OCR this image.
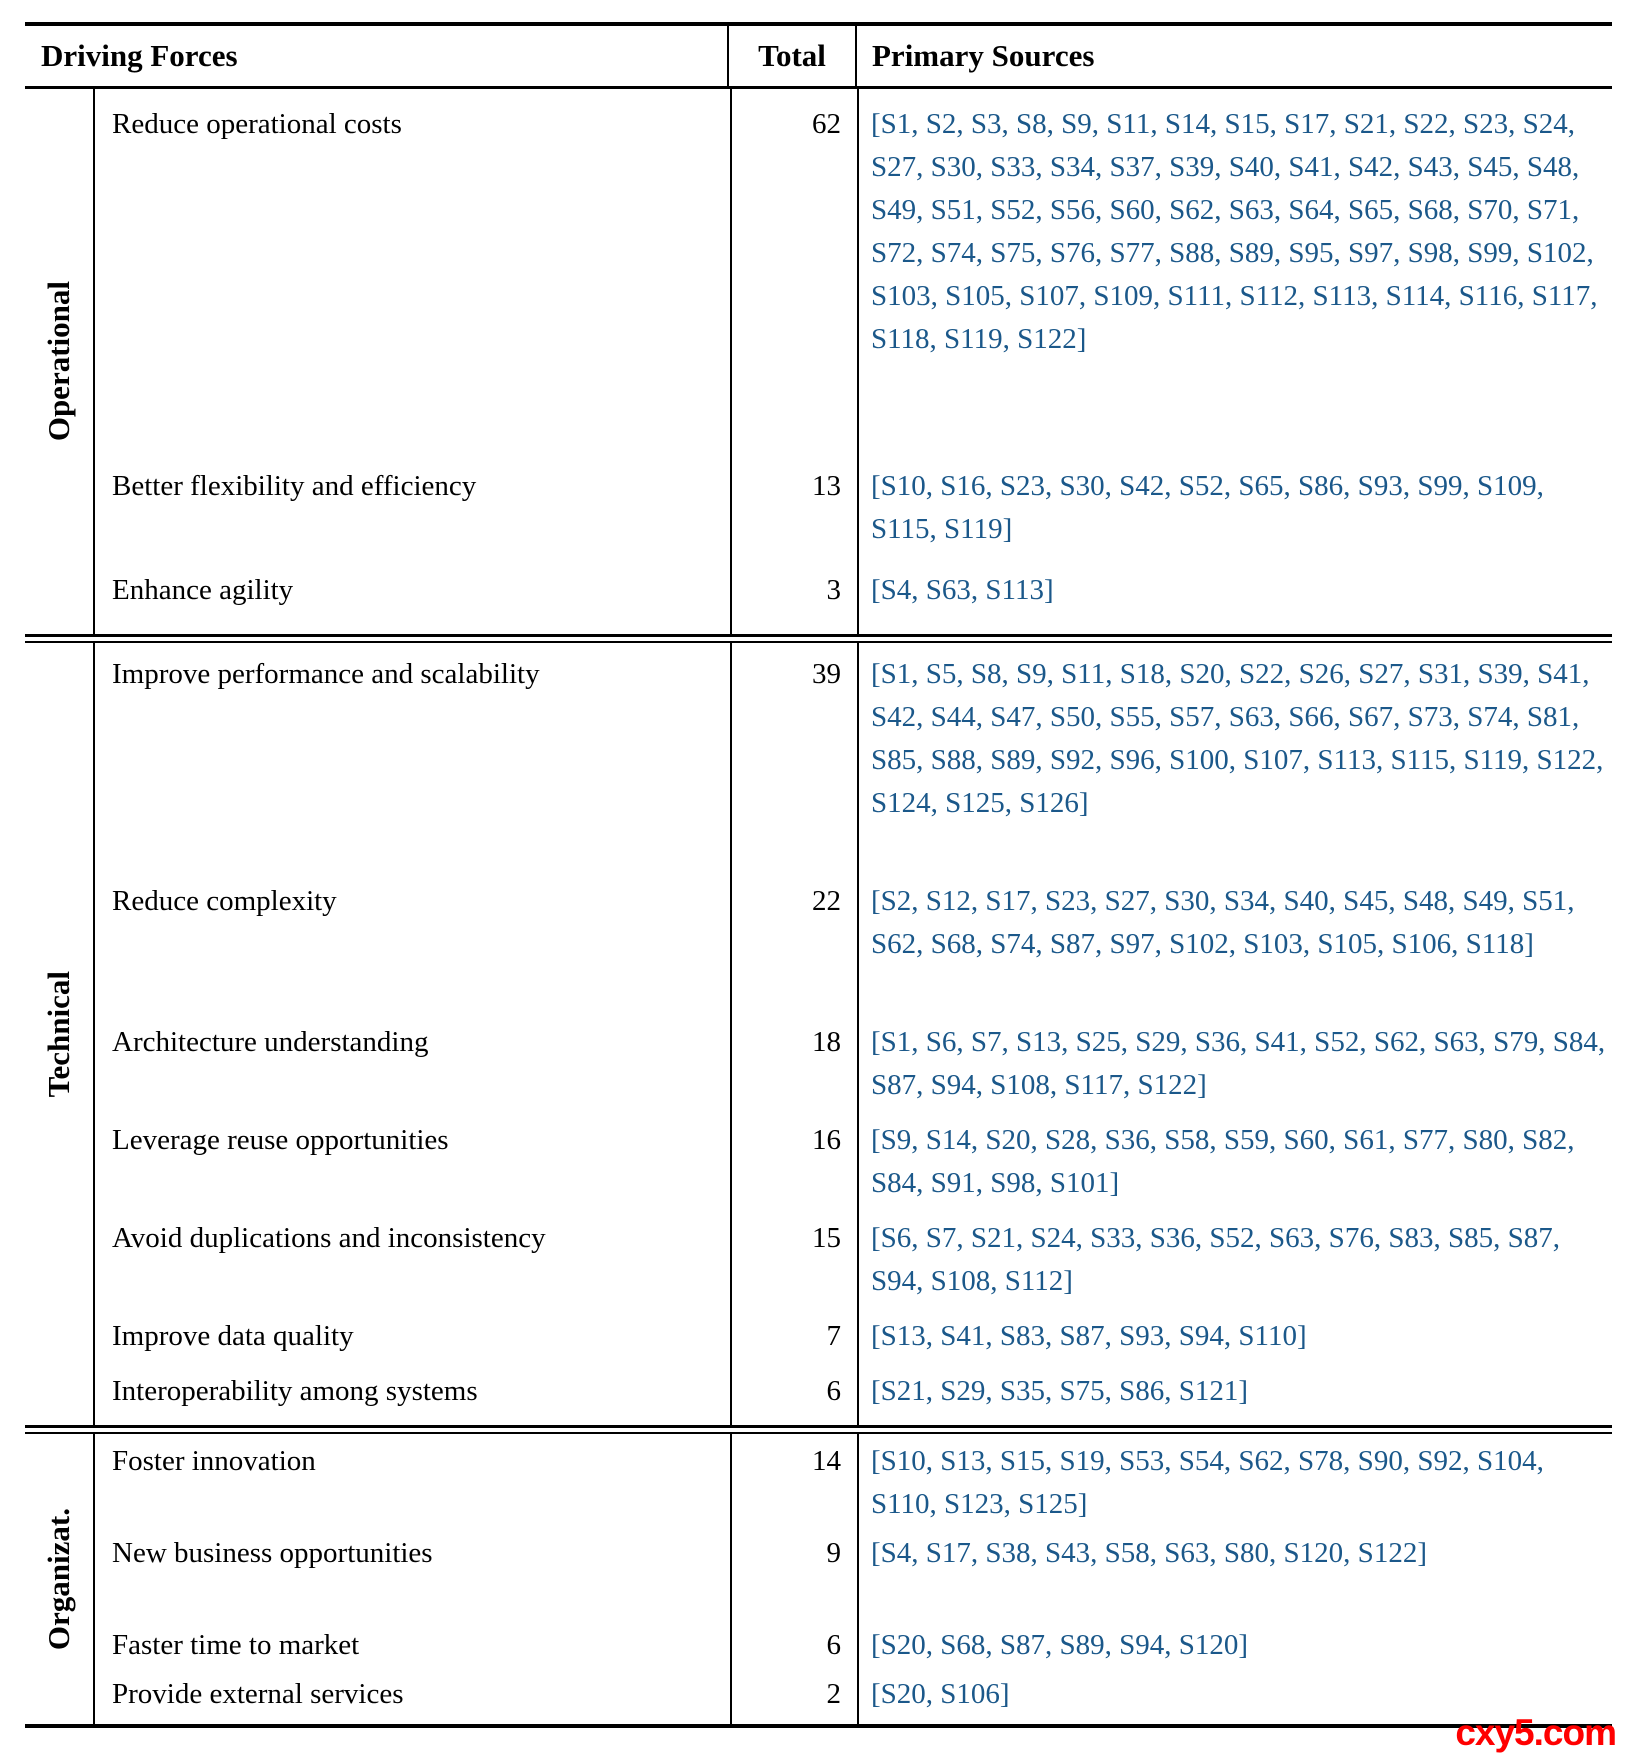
Driving Forces	Total	Primary Sources
Operational
Reduce operational costs	62	[S1, S2, S3, S8, S9, S11, S14, S15, S17, S21, S22, S23, S24, S27, S30, S33, S34, S37, S39, S40, S41, S42, S43, S45, S48, S49, S51, S52, S56, S60, S62, S63, S64, S65, S68, S70, S71, S72, S74, S75, S76, S77, S88, S89, S95, S97, S98, S99, S102, S103, S105, S107, S109, S111, S112, S113, S114, S116, S117, S118, S119, S122]
Better flexibility and efficiency	13	[S10, S16, S23, S30, S42, S52, S65, S86, S93, S99, S109, S115, S119]
Enhance agility	3	[S4, S63, S113]
Technical
Improve performance and scalability	39	[S1, S5, S8, S9, S11, S18, S20, S22, S26, S27, S31, S39, S41, S42, S44, S47, S50, S55, S57, S63, S66, S67, S73, S74, S81, S85, S88, S89, S92, S96, S100, S107, S113, S115, S119, S122, S124, S125, S126]
Reduce complexity	22	[S2, S12, S17, S23, S27, S30, S34, S40, S45, S48, S49, S51, S62, S68, S74, S87, S97, S102, S103, S105, S106, S118]
Architecture understanding	18	[S1, S6, S7, S13, S25, S29, S36, S41, S52, S62, S63, S79, S84, S87, S94, S108, S117, S122]
Leverage reuse opportunities	16	[S9, S14, S20, S28, S36, S58, S59, S60, S61, S77, S80, S82, S84, S91, S98, S101]
Avoid duplications and inconsistency	15	[S6, S7, S21, S24, S33, S36, S52, S63, S76, S83, S85, S87, S94, S108, S112]
Improve data quality	7	[S13, S41, S83, S87, S93, S94, S110]
Interoperability among systems	6	[S21, S29, S35, S75, S86, S121]
Organizat.
Foster innovation	14	[S10, S13, S15, S19, S53, S54, S62, S78, S90, S92, S104, S110, S123, S125]
New business opportunities	9	[S4, S17, S38, S43, S58, S63, S80, S120, S122]
Faster time to market	6	[S20, S68, S87, S89, S94, S120]
Provide external services	2	[S20, S106]
cxy5.com
